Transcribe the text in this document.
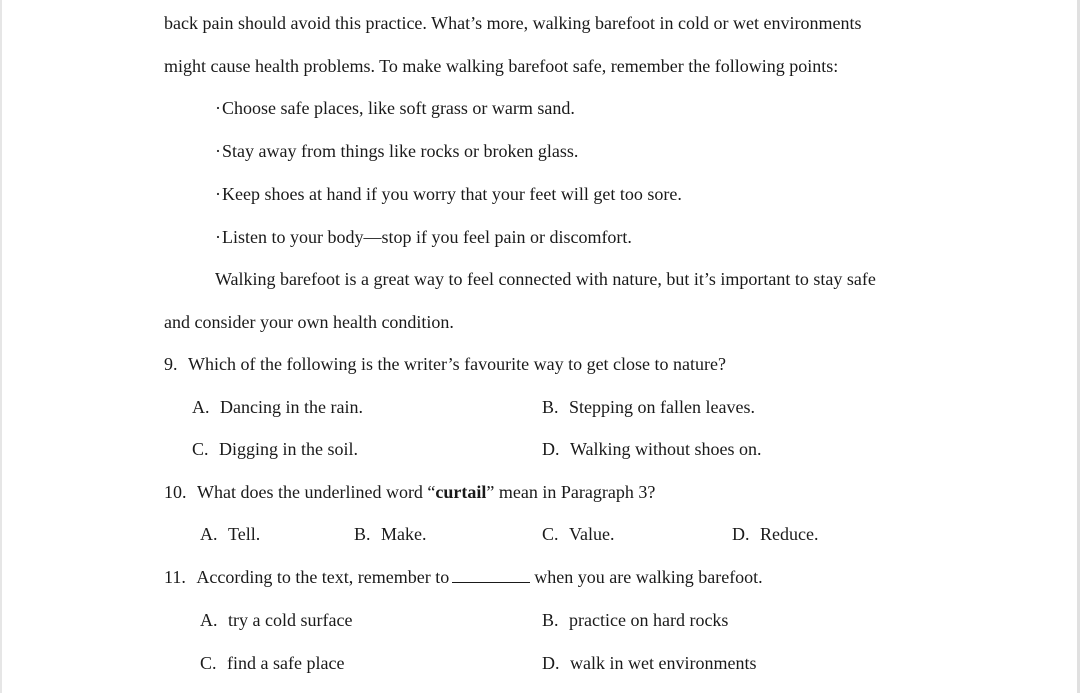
back pain should avoid this practice. What’s more, walking barefoot in cold or wet environments
might cause health problems. To make walking barefoot safe, remember the following points:
·Choose safe places, like soft grass or warm sand.
·Stay away from things like rocks or broken glass.
·Keep shoes at hand if you worry that your feet will get too sore.
·Listen to your body—stop if you feel pain or discomfort.
Walking barefoot is a great way to feel connected with nature, but it’s important to stay safe
and consider your own health condition.
9. Which of the following is the writer’s favourite way to get close to nature?
A. Dancing in the rain.	B. Stepping on fallen leaves.
C. Digging in the soil.	D. Walking without shoes on.
10. What does the underlined word “curtail” mean in Paragraph 3?
A. Tell.	B. Make.	C. Value.	D. Reduce.
11. According to the text, remember to	when you are walking barefoot.
A. try a cold surface	B. practice on hard rocks
C. find a safe place	D. walk in wet environments
